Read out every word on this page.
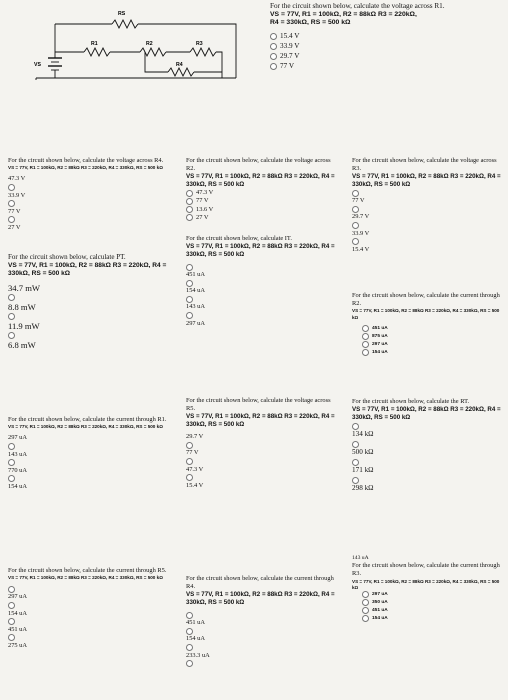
RS
R1	R2	R3
R4
VS
For the circuit shown below, calculate the voltage across R1.
VS = 77V, R1 = 100kΩ, R2 = 88kΩ R3 = 220kΩ,
R4 = 330kΩ, RS = 500 kΩ
15.4 V
33.9 V
29.7 V
77 V
For the circuit shown below, calculate the voltage across R4.
VS = 77V, R1 = 100kΩ, R2 = 88kΩ R3 = 220kΩ, R4 = 330kΩ, RS = 500 kΩ
47.3 V
33.9 V
77 V
27 V
For the circuit shown below, calculate PT.
VS = 77V, R1 = 100kΩ, R2 = 88kΩ R3 = 220kΩ, R4 = 330kΩ, RS = 500 kΩ
34.7 mW
8.8 mW
11.9 mW
6.8 mW
For the circuit shown below, calculate the current through R1.
VS = 77V, R1 = 100kΩ, R2 = 88kΩ R3 = 220kΩ, R4 = 330kΩ, RS = 500 kΩ
297 uA
143 uA
770 uA
154 uA
For the circuit shown below, calculate the current through R5.
VS = 77V, R1 = 100kΩ, R2 = 88kΩ R3 = 220kΩ, R4 = 330kΩ, RS = 500 kΩ
297 uA
154 uA
451 uA
275 uA
For the circuit shown below, calculate the voltage across R2.
VS = 77V, R1 = 100kΩ, R2 = 88kΩ R3 = 220kΩ, R4 = 330kΩ, RS = 500 kΩ
47.3 V
77 V
13.6 V
27 V
For the circuit shown below, calculate IT.
VS = 77V, R1 = 100kΩ, R2 = 88kΩ R3 = 220kΩ, R4 = 330kΩ, RS = 500 kΩ
451 uA
154 uA
143 uA
297 uA
For the circuit shown below, calculate the voltage across R5.
VS = 77V, R1 = 100kΩ, R2 = 88kΩ R3 = 220kΩ, R4 = 330kΩ, RS = 500 kΩ
29.7 V
77 V
47.3 V
15.4 V
For the circuit shown below, calculate the current through R4.
VS = 77V, R1 = 100kΩ, R2 = 88kΩ R3 = 220kΩ, R4 = 330kΩ, RS = 500 kΩ
451 uA
154 uA
233.3 uA
For the circuit shown below, calculate the voltage across R3.
VS = 77V, R1 = 100kΩ, R2 = 88kΩ R3 = 220kΩ, R4 = 330kΩ, RS = 500 kΩ
77 V
29.7 V
33.9 V
15.4 V
For the circuit shown below, calculate the current through R2.
VS = 77V, R1 = 100kΩ, R2 = 88kΩ R3 = 220kΩ, R4 = 330kΩ, RS = 500 kΩ
451 uA
875 uA
297 uA
154 uA
For the circuit shown below, calculate the RT.
VS = 77V, R1 = 100kΩ, R2 = 88kΩ R3 = 220kΩ, R4 = 330kΩ, RS = 500 kΩ
134 kΩ
500 kΩ
171 kΩ
298 kΩ
143 uA
For the circuit shown below, calculate the current through R3.
VS = 77V, R1 = 100kΩ, R2 = 88kΩ R3 = 220kΩ, R4 = 330kΩ, RS = 500 kΩ
297 uA
350 uA
451 uA
154 uA
